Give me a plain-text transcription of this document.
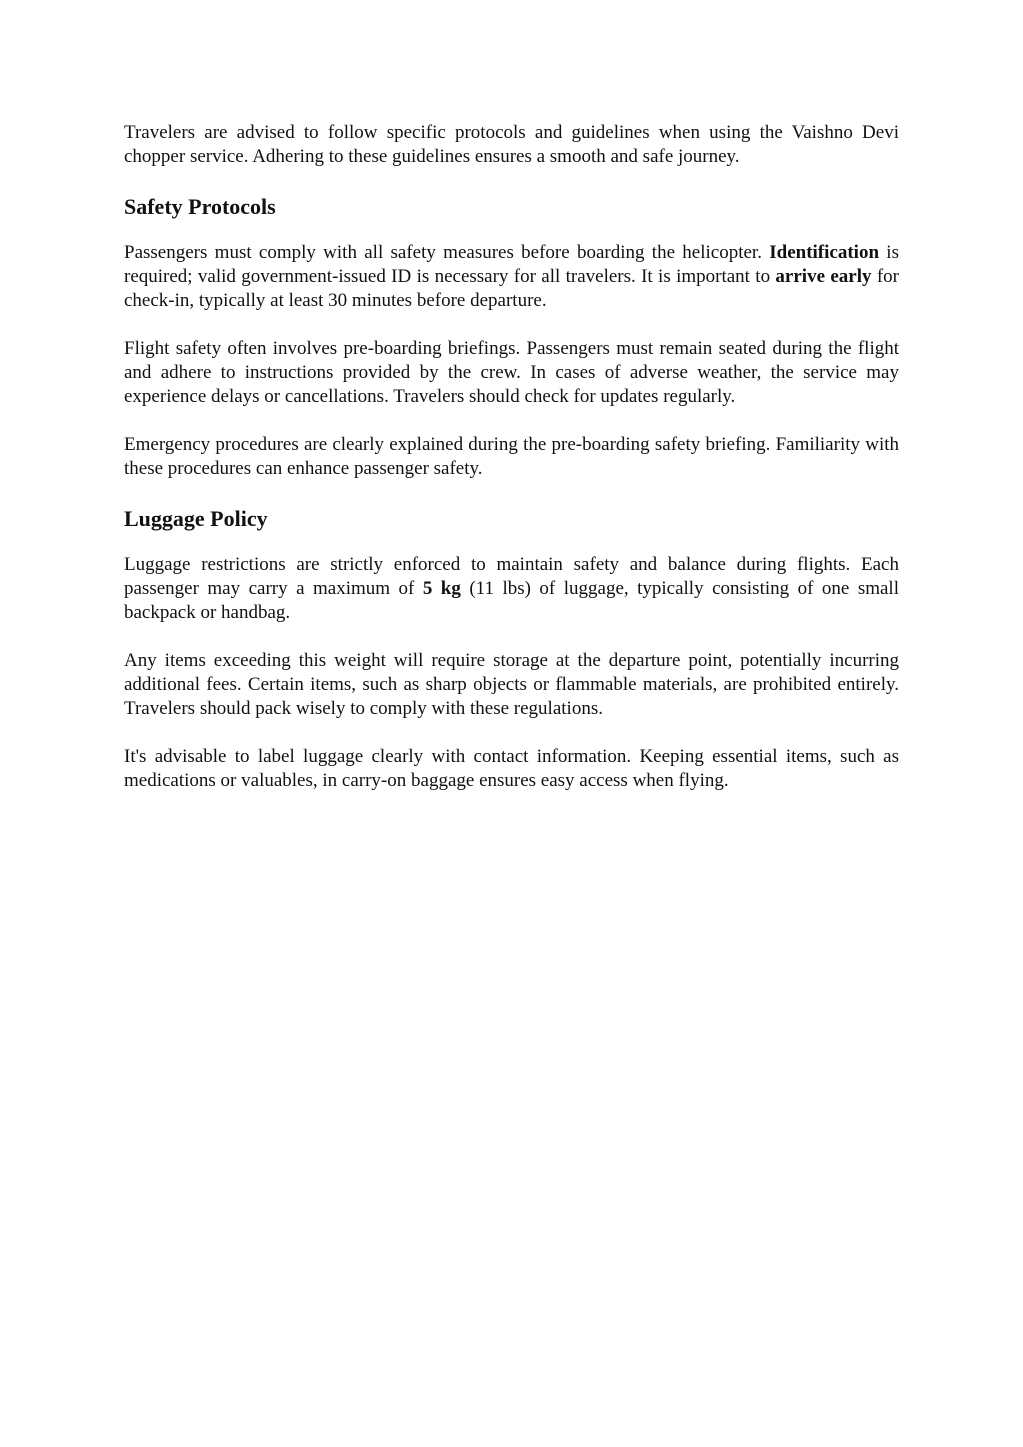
Travelers are advised to follow specific protocols and guidelines when using the Vaishno Devi chopper service. Adhering to these guidelines ensures a smooth and safe journey.

Safety Protocols

Passengers must comply with all safety measures before boarding the helicopter. Identification is required; valid government-issued ID is necessary for all travelers. It is important to arrive early for check-in, typically at least 30 minutes before departure.

Flight safety often involves pre-boarding briefings. Passengers must remain seated during the flight and adhere to instructions provided by the crew. In cases of adverse weather, the service may experience delays or cancellations. Travelers should check for updates regularly.

Emergency procedures are clearly explained during the pre-boarding safety briefing. Familiarity with these procedures can enhance passenger safety.

Luggage Policy

Luggage restrictions are strictly enforced to maintain safety and balance during flights. Each passenger may carry a maximum of 5 kg (11 lbs) of luggage, typically consisting of one small backpack or handbag.

Any items exceeding this weight will require storage at the departure point, potentially incurring additional fees. Certain items, such as sharp objects or flammable materials, are prohibited entirely. Travelers should pack wisely to comply with these regulations.

It's advisable to label luggage clearly with contact information. Keeping essential items, such as medications or valuables, in carry-on baggage ensures easy access when flying.
